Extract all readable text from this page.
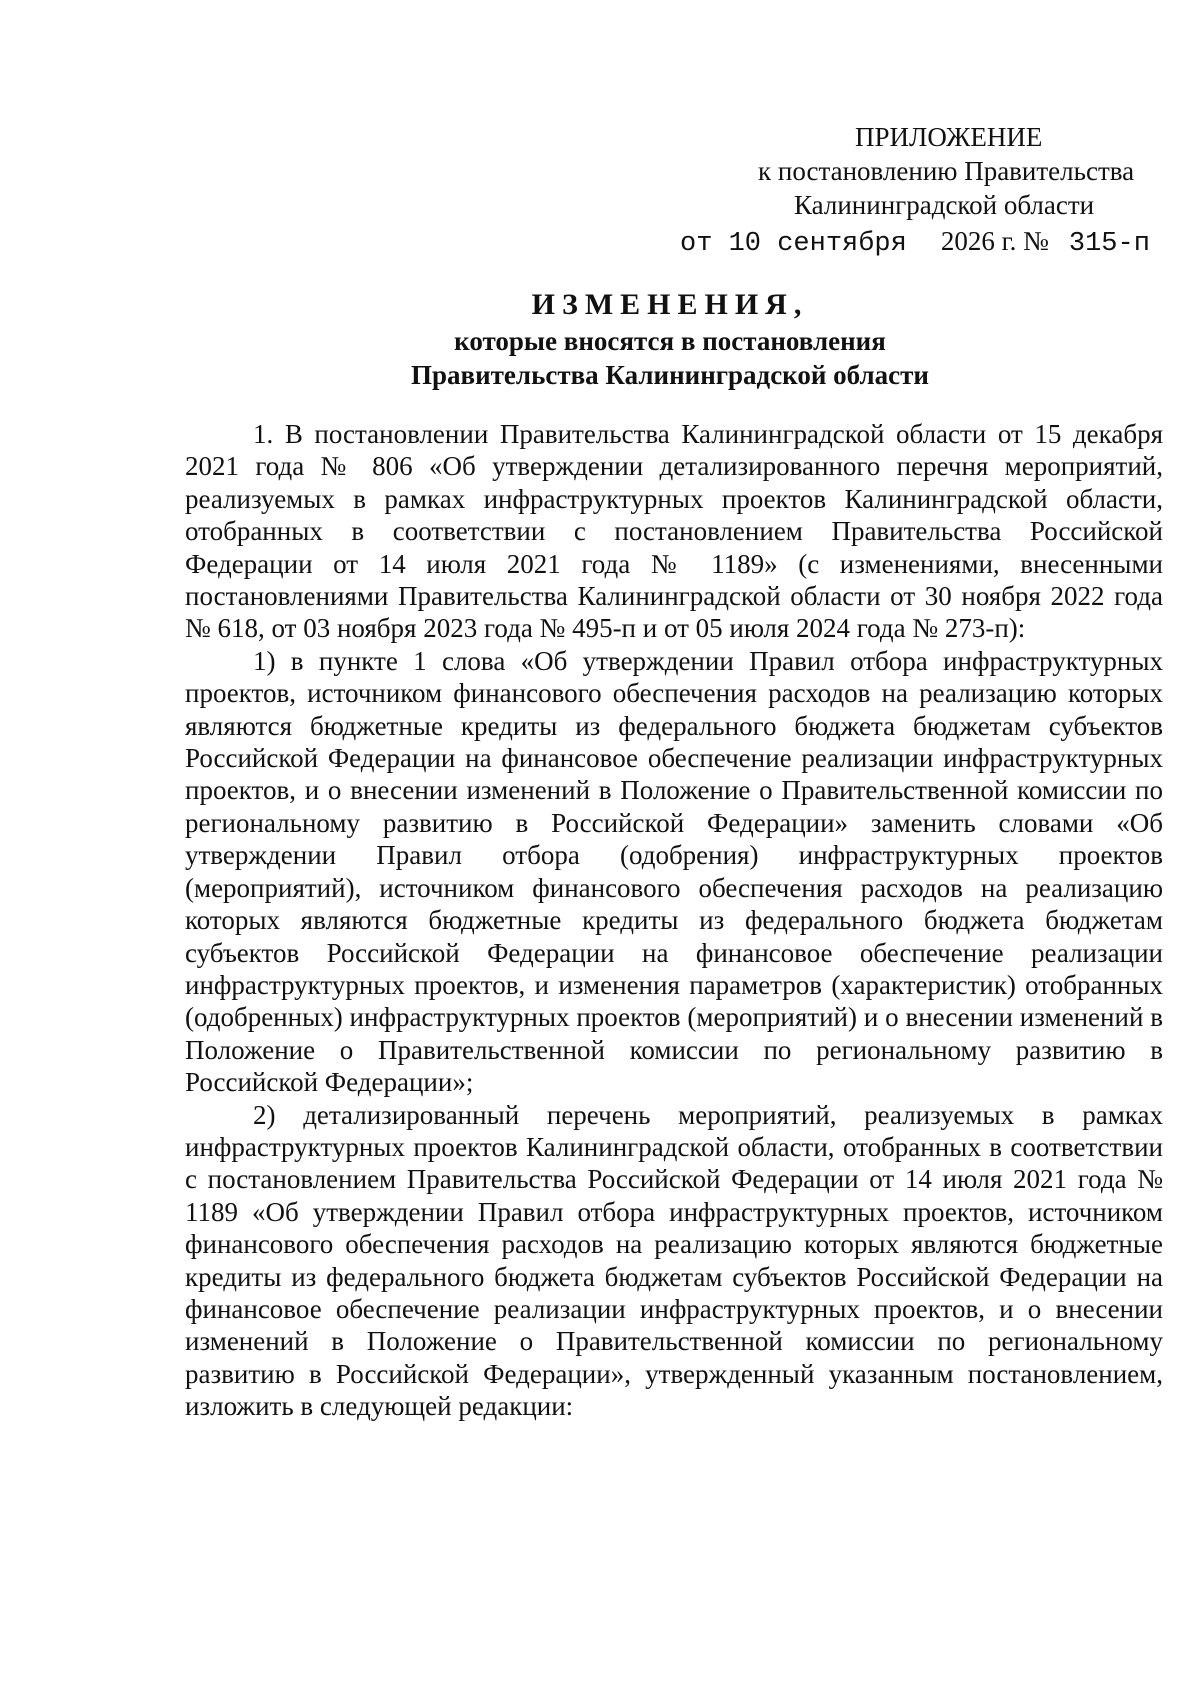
ПРИЛОЖЕНИЕ
к постановлению Правительства
Калининградской области
от 10 сентября 2026 г. № 315-п
ИЗМЕНЕНИЯ,
которые вносятся в постановления
Правительства Калининградской области

1. В постановлении Правительства Калининградской области от 15 декабря 2021 года № 806 «Об утверждении детализированного перечня мероприятий, реализуемых в рамках инфраструктурных проектов Калининградской области, отобранных в соответствии с постановлением Правительства Российской Федерации от 14 июля 2021 года № 1189» (с изменениями, внесенными постановлениями Правительства Калининградской области от 30 ноября 2022 года № 618, от 03 ноября 2023 года № 495-п и от 05 июля 2024 года № 273-п):

1) в пункте 1 слова «Об утверждении Правил отбора инфраструктурных проектов, источником финансового обеспечения расходов на реализацию которых являются бюджетные кредиты из федерального бюджета бюджетам субъектов Российской Федерации на финансовое обеспечение реализации инфраструктурных проектов, и о внесении изменений в Положение о Правительственной комиссии по региональному развитию в Российской Федерации» заменить словами «Об утверждении Правил отбора (одобрения) инфраструктурных проектов (мероприятий), источником финансового обеспечения расходов на реализацию которых являются бюджетные кредиты из федерального бюджета бюджетам субъектов Российской Федерации на финансовое обеспечение реализации инфраструктурных проектов, и изменения параметров (характеристик) отобранных (одобренных) инфраструктурных проектов (мероприятий) и о внесении изменений в Положение о Правительственной комиссии по региональному развитию в Российской Федерации»;

2) детализированный перечень мероприятий, реализуемых в рамках инфраструктурных проектов Калининградской области, отобранных в соответствии с постановлением Правительства Российской Федерации от 14 июля 2021 года № 1189 «Об утверждении Правил отбора инфраструктурных проектов, источником финансового обеспечения расходов на реализацию которых являются бюджетные кредиты из федерального бюджета бюджетам субъектов Российской Федерации на финансовое обеспечение реализации инфраструктурных проектов, и о внесении изменений в Положение о Правительственной комиссии по региональному развитию в Российской Федерации», утвержденный указанным постановлением, изложить в следующей редакции:
